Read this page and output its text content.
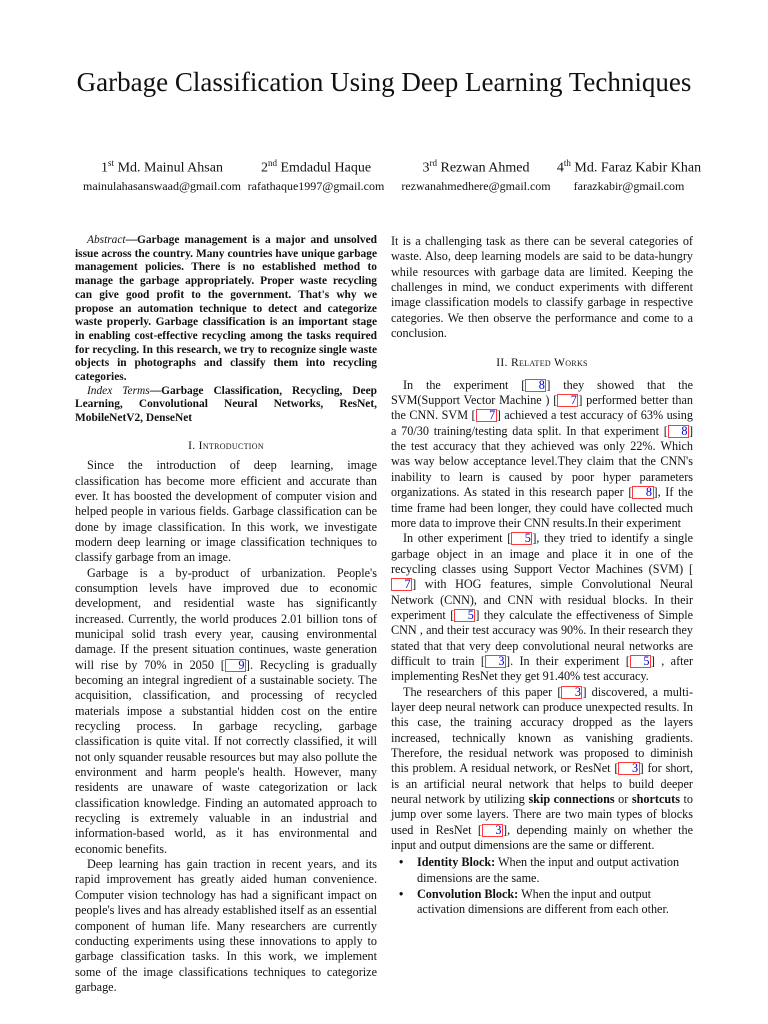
Garbage Classification Using Deep Learning Techniques
1st Md. Mainul Ahsan
mainulahasanswaad@gmail.com
2nd Emdadul Haque
rafathaque1997@gmail.com
3rd Rezwan Ahmed
rezwanahmedhere@gmail.com
4th Md. Faraz Kabir Khan
farazkabir@gmail.com

Abstract—Garbage management is a major and unsolved issue across the country. Many countries have unique garbage management policies. There is no established method to manage the garbage appropriately. Proper waste recycling can give good profit to the government. That's why we propose an automation technique to detect and categorize waste properly. Garbage classification is an important stage in enabling cost-effective recycling among the tasks required for recycling. In this research, we try to recognize single waste objects in photographs and classify them into recycling categories.

Index Terms—Garbage Classification, Recycling, Deep Learning, Convolutional Neural Networks, ResNet, MobileNetV2, DenseNet

I. Introduction

Since the introduction of deep learning, image classification has become more efficient and accurate than ever. It has boosted the development of computer vision and helped people in various fields. Garbage classification can be done by image classification. In this work, we investigate modern deep learning or image classification techniques to classify garbage from an image.

Garbage is a by-product of urbanization. People's consumption levels have improved due to economic development, and residential waste has significantly increased. Currently, the world produces 2.01 billion tons of municipal solid trash every year, causing environmental damage. If the present situation continues, waste generation will rise by 70% in 2050 [ 9 ]. Recycling is gradually becoming an integral ingredient of a sustainable society. The acquisition, classification, and processing of recycled materials impose a substantial hidden cost on the entire recycling process. In garbage recycling, garbage classification is quite vital. If not correctly classified, it will not only squander reusable resources but may also pollute the environment and harm people's health. However, many residents are unaware of waste categorization or lack classification knowledge. Finding an automated approach to recycling is extremely valuable in an industrial and information-based world, as it has environmental and economic benefits.

Deep learning has gain traction in recent years, and its rapid improvement has greatly aided human convenience. Computer vision technology has had a significant impact on people's lives and has already established itself as an essential component of human life. Many researchers are currently conducting experiments using these innovations to apply to garbage classification tasks. In this work, we implement some of the image classifications techniques to categorize garbage.

It is a challenging task as there can be several categories of waste. Also, deep learning models are said to be data-hungry while resources with garbage data are limited. Keeping the challenges in mind, we conduct experiments with different image classification models to classify garbage in respective categories. We then observe the performance and come to a conclusion.

II. Related Works

In the experiment [ 8 ] they showed that the SVM(Support Vector Machine ) [ 7 ] performed better than the CNN. SVM [ 7 ] achieved a test accuracy of 63% using a 70/30 training/testing data split. In that experiment [ 8 ] the test accuracy that they achieved was only 22%. Which was way below acceptance level.They claim that the CNN's inability to learn is caused by poor hyper parameters organizations. As stated in this research paper [ 8 ], If the time frame had been longer, they could have collected much more data to improve their CNN results.In their experiment

In other experiment [ 5 ], they tried to identify a single garbage object in an image and place it in one of the recycling classes using Support Vector Machines (SVM) [7 ] with HOG features, simple Convolutional Neural Network (CNN), and CNN with residual blocks. In their experiment [ 5 ] they calculate the effectiveness of Simple CNN , and their test accuracy was 90%. In their research they stated that that very deep convolutional neural networks are difficult to train [ 3 ]. In their experiment [ 5 ] , after implementing ResNet they get 91.40% test accuracy.

The researchers of this paper [ 3 ] discovered, a multi-layer deep neural network can produce unexpected results. In this case, the training accuracy dropped as the layers increased, technically known as vanishing gradients. Therefore, the residual network was proposed to diminish this problem. A residual network, or ResNet [ 3 ] for short, is an artificial neural network that helps to build deeper neural network by utilizing skip connections or shortcuts to jump over some layers. There are two main types of blocks used in ResNet [ 3 ], depending mainly on whether the input and output dimensions are the same or different.

• Identity Block: When the input and output activation dimensions are the same.
• Convolution Block: When the input and output activation dimensions are different from each other.
